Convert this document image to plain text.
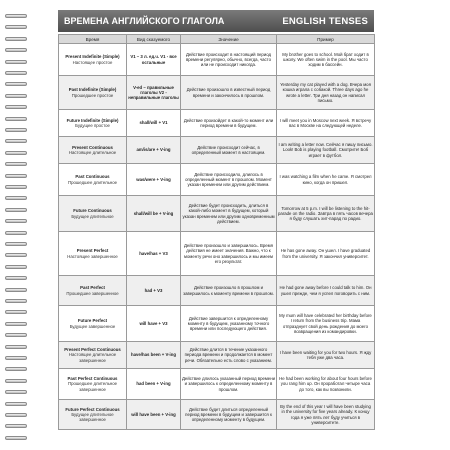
ВРЕМЕНА АНГЛИЙСКОГО ГЛАГОЛА	ENGLISH TENSES
Время	Вид сказуемого	Значение	Пример

Present Indefinite (Simple)
Настоящее простое	V1 – 3 л. ед.ч. V1 - все остальные	Действие происходит в настоящий период времени регулярно, обычно, всегда, часто или не происходит никогда.	My brother goes to school. Мой брат ходит в школу. We often swim in the pool. Мы часто ходим в бассейн.

Past Indefinite (Simple)
Прошедшее простое	V-ed – правильные глаголы V2 - неправильные глаголы	Действие произошло в известный период времени и закончилось в прошлом.	Yesterday my cat played with a dog. Вчера моя кошка играла с собакой. Three days ago he wrote a letter. Три дня назад он написал письмо.

Future Indefinite (Simple)
Будущее простое	shall/will + V1	Действие произойдет в какой-то момент или период времени в будущем.	I will meet you in Moscow next week. Я встречу вас в Москве на следующей неделе.

Present Continuous
Настоящее длительное	am/is/are + V-ing	Действие происходит сейчас, в определенный момент в настоящем.	I am writing a letter now. Сейчас я пишу письмо. Look! Bob is playing football. Смотрите! Боб играет в футбол.

Past Continuous
Прошедшее длительное	was/were + V-ing	Действие происходило, длилось в определенный момент в прошлом. Момент указан временем или другим действием.	I was watching a film when he came. Я смотрел кино, когда он пришел.

Future Continuous
Будущее длительное	shall/will be + V-ing	Действие будет происходить, длиться в какой-либо момент в будущем, который указан временем или другим одновременным действием.	Tomorrow at 5 p.m. I will be listening to the hit-parade on the radio. Завтра в пять часов вечера я буду слушать хит-парад по радио.

Present Perfect
Настоящее завершенное	have/has + V3	Действие произошло и завершилось. Время действия не имеет значения. Важно, что к моменту речи оно завершилось и мы имеем его результат.	He has gone away. Он ушел. I have graduated from the university. Я закончил университет.

Past Perfect
Прошедшее завершенное	had + V3	Действие произошло в прошлом и завершилось к моменту времени в прошлом.	He had gone away before I could talk to him. Он ушел прежде, чем я успел поговорить с ним.

Future Perfect
Будущее завершенное	will have + V3	Действие завершится к определенному моменту в будущем, указанному точного времени или последующего действия.	My mum will have celebrated her birthday before I return from the business trip. Мама отпразднует свой день рождения до моего возвращения из командировки.

Present Perfect Continuous
Настоящее длительное завершенное	have/has been + V-ing	Действие длится в течение указанного периода времени и продолжается в момент речи. Обязательно есть слово с указанием.	I have been waiting for you for two hours. Я жду тебя уже два часа.

Past Perfect Continuous
Прошедшее длительное завершенное	had been + V-ing	Действие длилось указанный период времени и завершилось к определенному моменту в прошлом.	He had been working for about four hours before you rang him up. Он проработал четыре часа до того, как вы позвонили.

Future Perfect Continuous
Будущее длительное завершенное	will have been + V-ing	Действие будет длиться определенный период времени в будущем и завершится к определенному моменту в будущем.	By the end of this year I will have been studying in the university for five years already. К концу года я уже пять лет буду учиться в университете.
